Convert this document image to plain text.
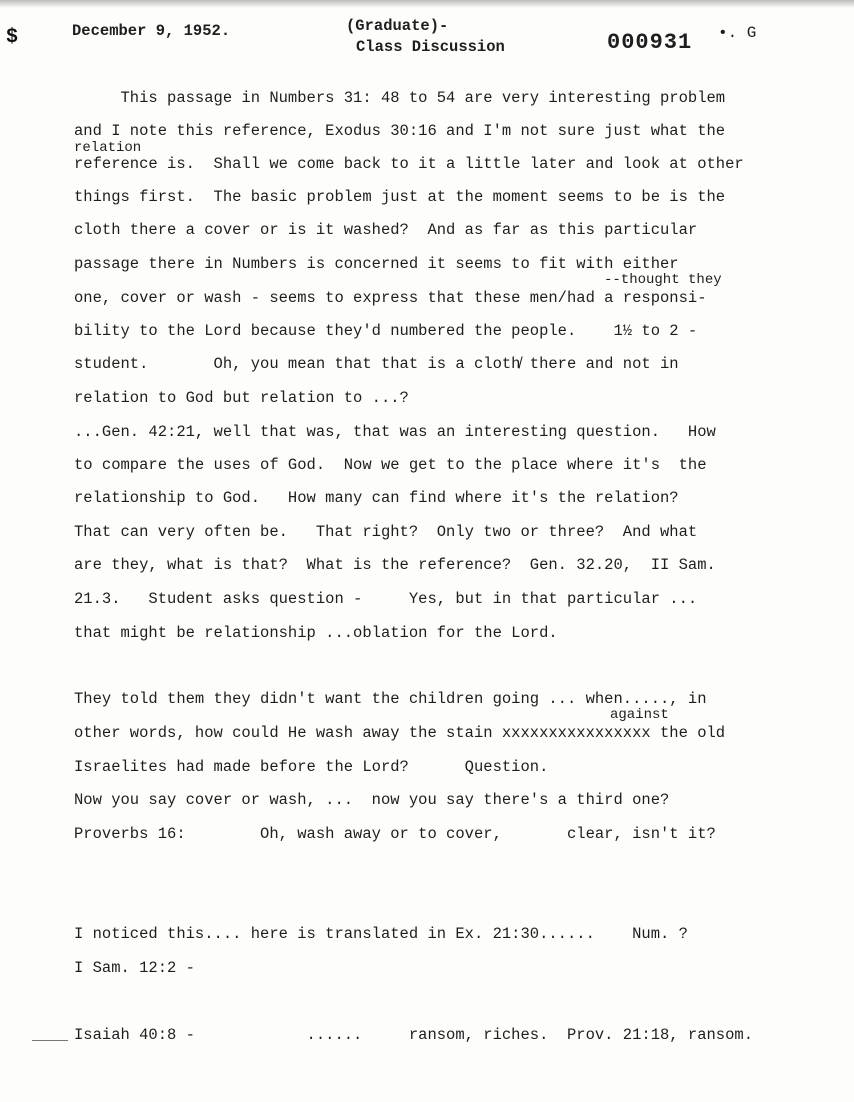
$	December 9, 1952.	(Graduate)-
Class Discussion	000931 •. G
relation
--thought they
against
This passage in Numbers 31: 48 to 54 are very interesting problem
and I note this reference, Exodus 30:16 and I'm not sure just what the
reference is.  Shall we come back to it a little later and look at other
things first.  The basic problem just at the moment seems to be is the
cloth there a cover or is it washed?  And as far as this particular
passage there in Numbers is concerned it seems to fit with either
one, cover or wash - seems to express that these men/had a responsi-
bility to the Lord because they'd numbered the people.    1½ to 2 -
student.       Oh, you mean that that is a cloth̸ there and not in
relation to God but relation to ...?
...Gen. 42:21, well that was, that was an interesting question.   How
to compare the uses of God.  Now we get to the place where it's  the
relationship to God.   How many can find where it's the relation?
That can very often be.   That right?  Only two or three?  And what
are they, what is that?  What is the reference?  Gen. 32.20,  II Sam.
21.3.   Student asks question -     Yes, but in that particular ...
that might be relationship ...oblation for the Lord.
They told them they didn't want the children going ... when....., in
other words, how could He wash away the stain xxxxxxxxxxxxxxxx the old
Israelites had made before the Lord?      Question.
Now you say cover or wash, ...  now you say there's a third one?
Proverbs 16:        Oh, wash away or to cover,       clear, isn't it?
I noticed this.... here is translated in Ex. 21:30......    Num. ?
I Sam. 12:2 -
Isaiah 40:8 -            ......     ransom, riches.  Prov. 21:18, ransom.
